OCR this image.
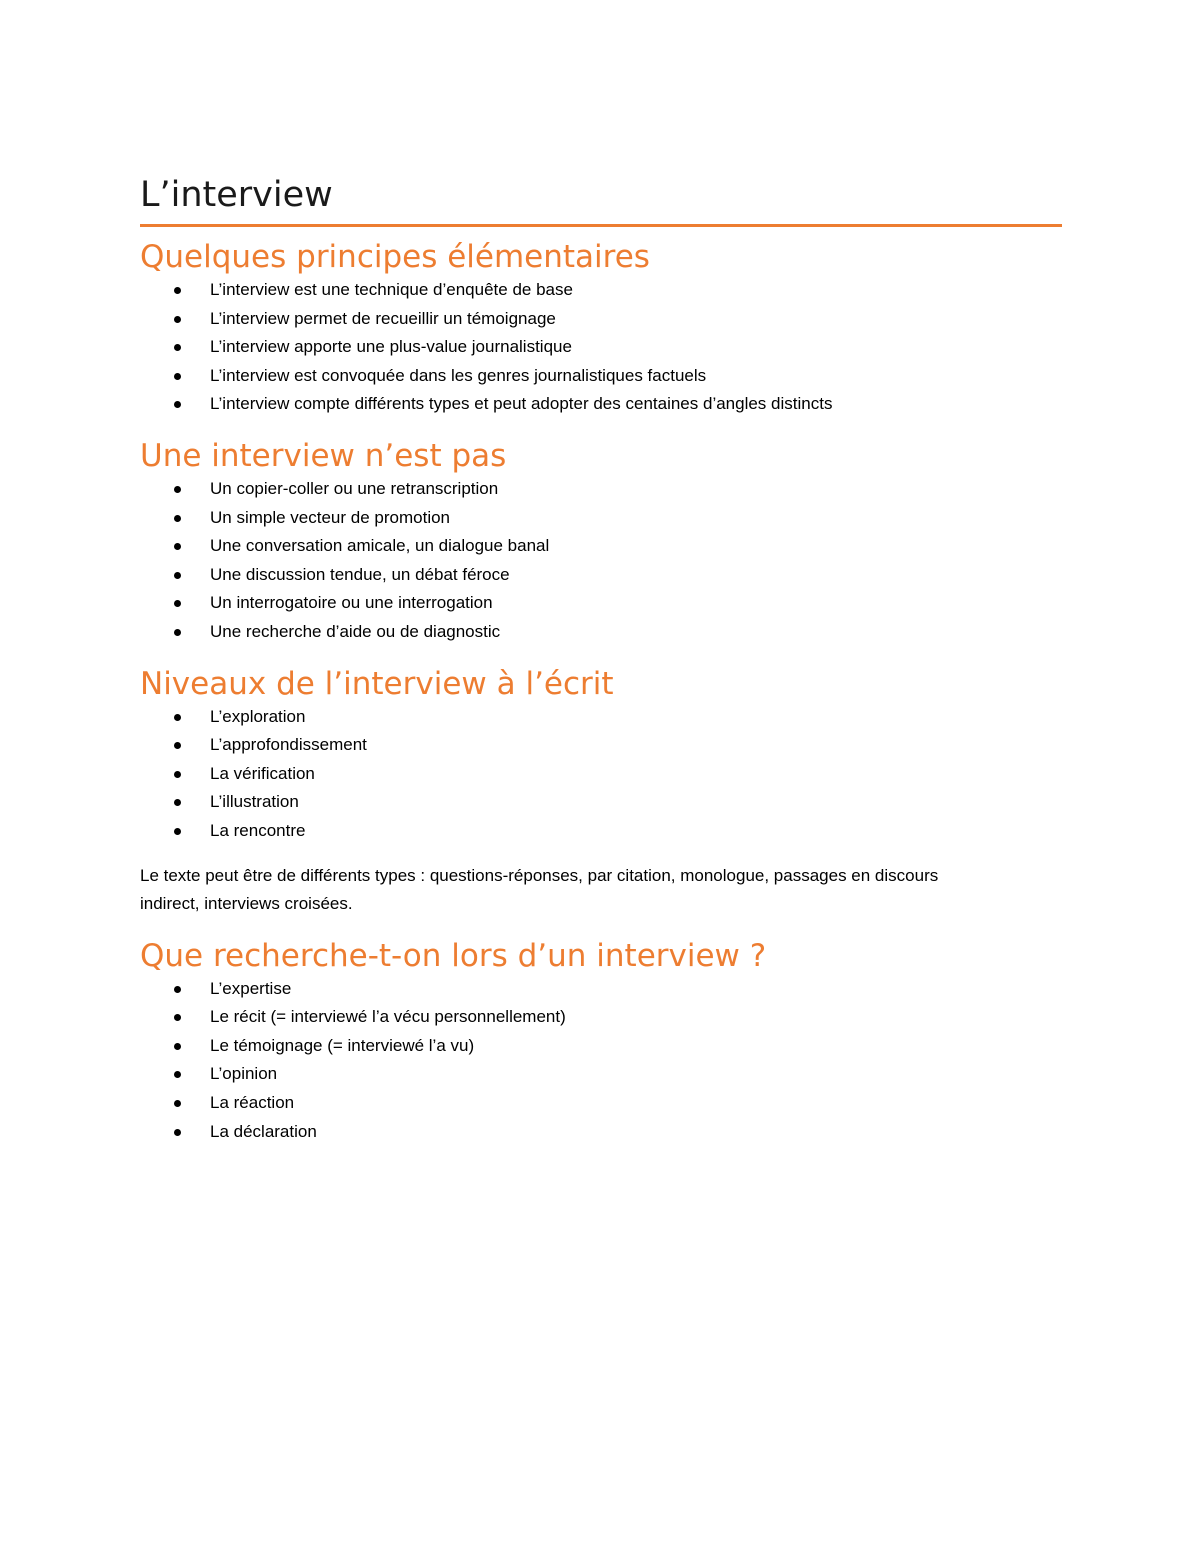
L’interview
Quelques principes élémentaires
L’interview est une technique d’enquête de base
L’interview permet de recueillir un témoignage
L’interview apporte une plus-value journalistique
L’interview est convoquée dans les genres journalistiques factuels
L’interview compte différents types et peut adopter des centaines d’angles distincts
Une interview n’est pas
Un copier-coller ou une retranscription
Un simple vecteur de promotion
Une conversation amicale, un dialogue banal
Une discussion tendue, un débat féroce
Un interrogatoire ou une interrogation
Une recherche d’aide ou de diagnostic
Niveaux de l’interview à l’écrit
L’exploration
L’approfondissement
La vérification
L’illustration
La rencontre

Le texte peut être de différents types : questions-réponses, par citation, monologue, passages en discours

indirect, interviews croisées.

Que recherche-t-on lors d’un interview ?
L’expertise
Le récit (= interviewé l’a vécu personnellement)
Le témoignage (= interviewé l’a vu)
L’opinion
La réaction
La déclaration
